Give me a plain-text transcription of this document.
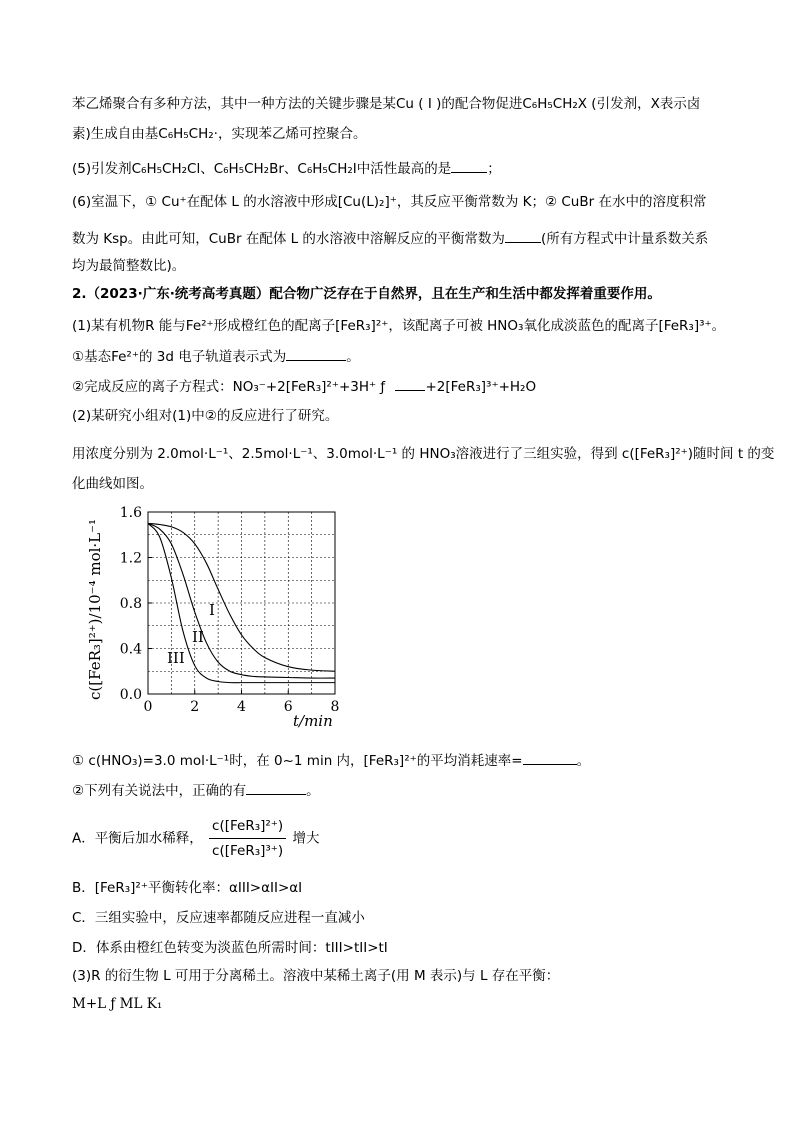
苯乙烯聚合有多种方法，其中一种方法的关键步骤是某Cu ( I )的配合物促进C₆H₅CH₂X (引发剂，X表示卤
素)生成自由基C₆H₅CH₂·，实现苯乙烯可控聚合。
(5)引发剂C₆H₅CH₂Cl、C₆H₅CH₂Br、C₆H₅CH₂I中活性最高的是	；
(6)室温下，① Cu⁺在配体 L 的水溶液中形成[Cu(L)₂]⁺，其反应平衡常数为 K；② CuBr 在水中的溶度积常
数为 Ksp。由此可知，CuBr 在配体 L 的水溶液中溶解反应的平衡常数为	(所有方程式中计量系数关系
均为最简整数比)。
2.（2023·广东·统考高考真题）配合物广泛存在于自然界，且在生产和生活中都发挥着重要作用。
(1)某有机物R 能与Fe²⁺形成橙红色的配离子[FeR₃]²⁺，该配离子可被 HNO₃氧化成淡蓝色的配离子[FeR₃]³⁺。
①基态Fe²⁺的 3d 电子轨道表示式为	。
②完成反应的离子方程式：NO₃⁻+2[FeR₃]²⁺+3H⁺ ƒ	+2[FeR₃]³⁺+H₂O
(2)某研究小组对(1)中②的反应进行了研究。
用浓度分别为 2.0mol·L⁻¹、2.5mol·L⁻¹、3.0mol·L⁻¹ 的 HNO₃溶液进行了三组实验，得到 c([FeR₃]²⁺)随时间 t 的变
化曲线如图。
0.0
0.4
0.8
1.2
1.6
0	2	4	6	8
I
II
III
t/min
c([FeR₃]²⁺)/10⁻⁴ mol·L⁻¹
① c(HNO₃)=3.0 mol·L⁻¹时，在 0~1 min 内，[FeR₃]²⁺的平均消耗速率=	。
②下列有关说法中，正确的有	。
A．平衡后加水稀释， $\frac{\text{c([FeR₃]²⁺)}}{\text{c([FeR₃]³⁺)}}$ 增大
B．[FeR₃]²⁺平衡转化率：αIII>αII>αI
C．三组实验中，反应速率都随反应进程一直减小
D．体系由橙红色转变为淡蓝色所需时间：tIII>tII>tI
(3)R 的衍生物 L 可用于分离稀土。溶液中某稀土离子(用 M 表示)与 L 存在平衡：
M+L ƒ ML K₁
